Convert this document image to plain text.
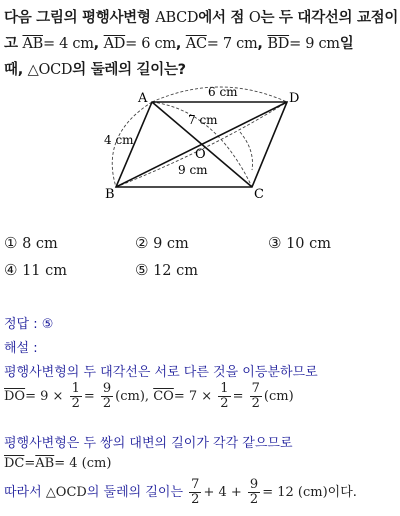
다음 그림의 평행사변형 ABCD에서 점 O는 두 대각선의 교점이
고 $\overline{AB}= 4$ cm, $\overline{AD}= 6$ cm, $\overline{AC}= 7$ cm, $\overline{BD}= 9$ cm일
때, △OCD의 둘레의 길이는?
A	D
B	C
O
6 cm
4 cm
7 cm
9 cm
① 8 cm	② 9 cm	③ 10 cm
④ 11 cm	⑤ 12 cm
정답 : ⑤
해설 :
평행사변형의 두 대각선은 서로 다른 것을 이등분하므로
$\overline{DO}= 9 \times \frac{1}{2} = \frac{9}{2} (cm)$, $\overline{CO}= 7 \times \frac{1}{2} = \frac{7}{2} (cm)$
평행사변형은 두 쌍의 대변의 길이가 각각 같으므로
$\overline{DC}=\overline{AB}= 4$ (cm)
따라서 △OCD의 둘레의 길이는 $\frac{7}{2} + 4 + \frac{9}{2} = 12$ (cm)이다.
